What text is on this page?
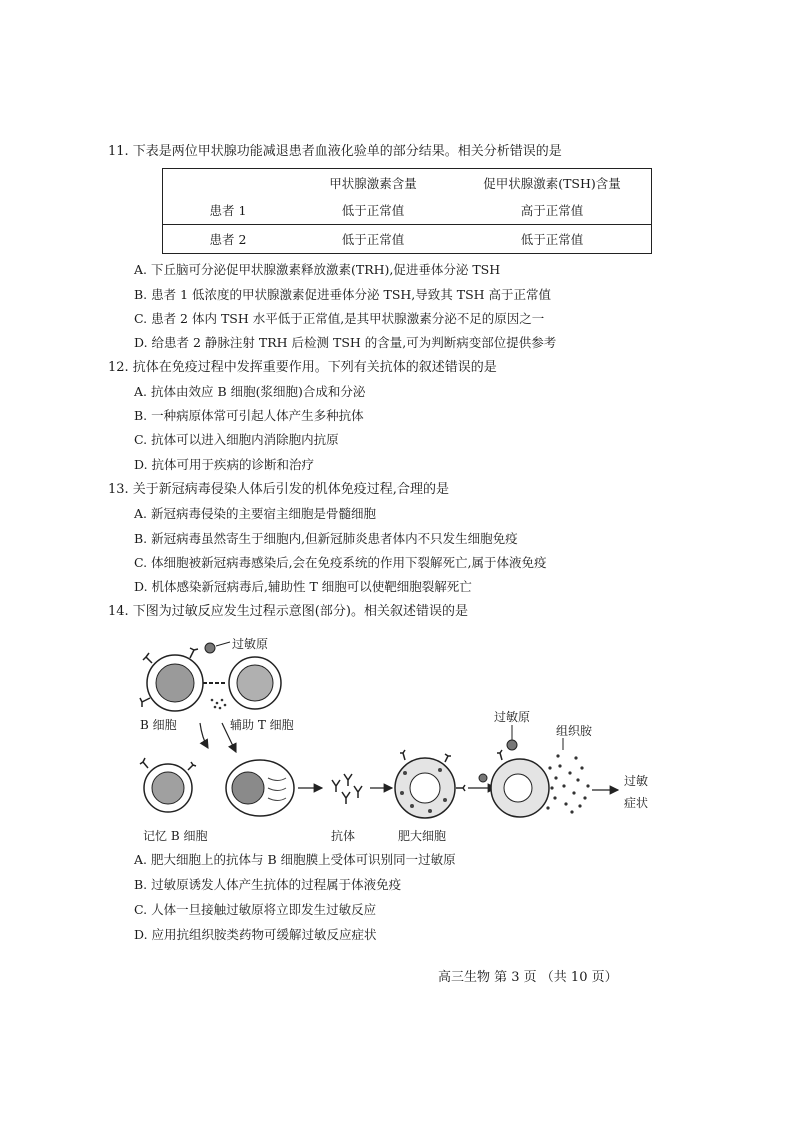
11. 下表是两位甲状腺功能减退患者血液化验单的部分结果。相关分析错误的是
	甲状腺激素含量	促甲状腺激素(TSH)含量
患者 1	低于正常值	高于正常值
患者 2	低于正常值	低于正常值
A. 下丘脑可分泌促甲状腺激素释放激素(TRH),促进垂体分泌 TSH
B. 患者 1 低浓度的甲状腺激素促进垂体分泌 TSH,导致其 TSH 高于正常值
C. 患者 2 体内 TSH 水平低于正常值,是其甲状腺激素分泌不足的原因之一
D. 给患者 2 静脉注射 TRH 后检测 TSH 的含量,可为判断病变部位提供参考
12. 抗体在免疫过程中发挥重要作用。下列有关抗体的叙述错误的是
A. 抗体由效应 B 细胞(浆细胞)合成和分泌
B. 一种病原体常可引起人体产生多种抗体
C. 抗体可以进入细胞内消除胞内抗原
D. 抗体可用于疾病的诊断和治疗
13. 关于新冠病毒侵染人体后引发的机体免疫过程,合理的是
A. 新冠病毒侵染的主要宿主细胞是骨髓细胞
B. 新冠病毒虽然寄生于细胞内,但新冠肺炎患者体内不只发生细胞免疫
C. 体细胞被新冠病毒感染后,会在免疫系统的作用下裂解死亡,属于体液免疫
D. 机体感染新冠病毒后,辅助性 T 细胞可以使靶细胞裂解死亡
14. 下图为过敏反应发生过程示意图(部分)。相关叙述错误的是
过敏原
B 细胞	辅助 T 细胞
记忆 B 细胞	抗体	肥大细胞
过敏原
组织胺
过敏症状
A. 肥大细胞上的抗体与 B 细胞膜上受体可识别同一过敏原
B. 过敏原诱发人体产生抗体的过程属于体液免疫
C. 人体一旦接触过敏原将立即发生过敏反应
D. 应用抗组织胺类药物可缓解过敏反应症状
高三生物 第 3 页 （共 10 页）
